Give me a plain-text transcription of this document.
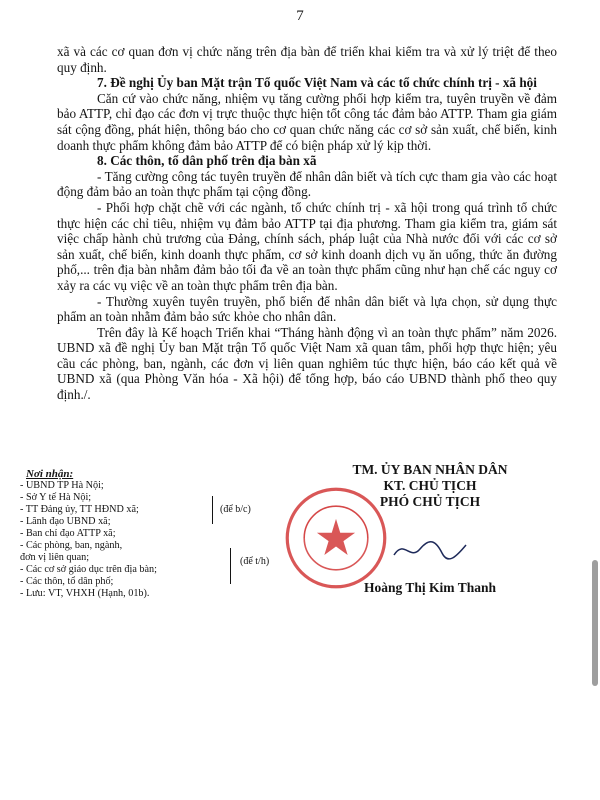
7

xã và các cơ quan đơn vị chức năng trên địa bàn để triển khai kiểm tra và xử lý triệt để theo quy định.

7. Đề nghị Ủy ban Mặt trận Tổ quốc Việt Nam và các tổ chức chính trị - xã hội

Căn cứ vào chức năng, nhiệm vụ tăng cường phối hợp kiểm tra, tuyên truyền về đảm bảo ATTP, chỉ đạo các đơn vị trực thuộc thực hiện tốt công tác đảm bảo ATTP. Tham gia giám sát cộng đồng, phát hiện, thông báo cho cơ quan chức năng các cơ sở sản xuất, chế biến, kinh doanh thực phẩm không đảm bảo ATTP để có biện pháp xử lý kịp thời.

8. Các thôn, tổ dân phố trên địa bàn xã

- Tăng cường công tác tuyên truyền để nhân dân biết và tích cực tham gia vào các hoạt động đảm bảo an toàn thực phẩm tại cộng đồng.

- Phối hợp chặt chẽ với các ngành, tổ chức chính trị - xã hội trong quá trình tổ chức thực hiện các chỉ tiêu, nhiệm vụ đảm bảo ATTP tại địa phương. Tham gia kiểm tra, giám sát việc chấp hành chủ trương của Đảng, chính sách, pháp luật của Nhà nước đối với các cơ sở sản xuất, chế biến, kinh doanh thực phẩm, cơ sở kinh doanh dịch vụ ăn uống, thức ăn đường phố,... trên địa bàn nhằm đảm bảo tối đa về an toàn thực phẩm cũng như hạn chế các nguy cơ xảy ra các vụ việc về an toàn thực phẩm trên địa bàn.

- Thường xuyên tuyên truyền, phổ biến để nhân dân biết và lựa chọn, sử dụng thực phẩm an toàn nhằm đảm bảo sức khỏe cho nhân dân.

Trên đây là Kế hoạch Triển khai “Tháng hành động vì an toàn thực phẩm” năm 2026. UBND xã đề nghị Ủy ban Mặt trận Tổ quốc Việt Nam xã quan tâm, phối hợp thực hiện; yêu cầu các phòng, ban, ngành, các đơn vị liên quan nghiêm túc thực hiện, báo cáo kết quả về UBND xã (qua Phòng Văn hóa - Xã hội) để tổng hợp, báo cáo UBND thành phố theo quy định./.

Nơi nhận:
- UBND TP Hà Nội;
- Sở Y tế Hà Nội;
- TT Đảng ủy, TT HĐND xã;
- Lãnh đạo UBND xã;
- Ban chỉ đạo ATTP xã;
- Các phòng, ban, ngành,
đơn vị liên quan;
- Các cơ sở giáo dục trên địa bàn;
- Các thôn, tổ dân phố;
- Lưu: VT, VHXH (Hạnh, 01b).
(để b/c)
(để t/h)
TM. ỦY BAN NHÂN DÂN
KT. CHỦ TỊCH
PHÓ CHỦ TỊCH
Hoàng Thị Kim Thanh
